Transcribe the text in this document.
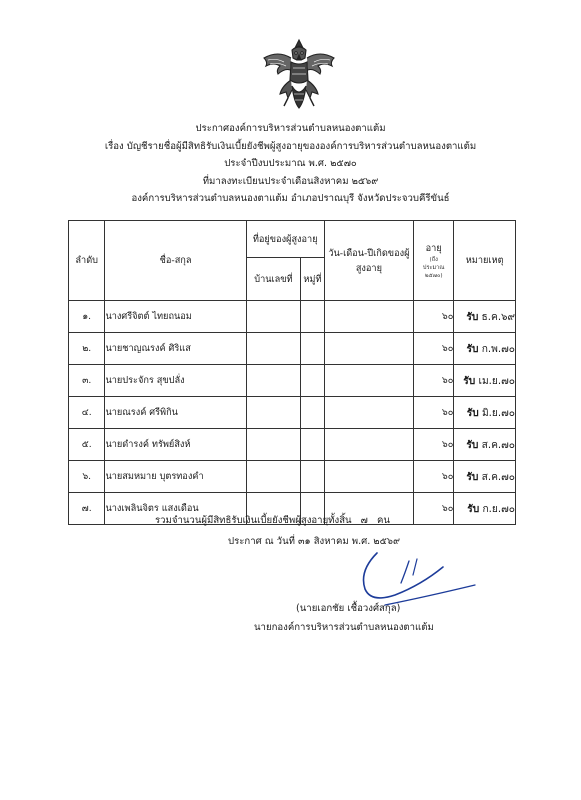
ประกาศองค์การบริหารส่วนตำบลหนองตาแต้ม
เรื่อง บัญชีรายชื่อผู้มีสิทธิรับเงินเบี้ยยังชีพผู้สูงอายุขององค์การบริหารส่วนตำบลหนองตาแต้ม
ประจำปีงบประมาณ พ.ศ. ๒๕๗๐
ที่มาลงทะเบียนประจำเดือนสิงหาคม ๒๕๖๙
องค์การบริหารส่วนตำบลหนองตาแต้ม อำเภอปราณบุรี จังหวัดประจวบคีรีขันธ์
ลำดับ	ชื่อ-สกุล	ที่อยู่ของผู้สูงอายุ		วัน-เดือน-ปีเกิดของผู้สูงอายุ	อายุ
(ถึง
ประมาณ
๒๕๗๐)	หมายเหตุ
		บ้านเลขที่	หมู่ที่			
๑.	นางศรีจิตต์ ไทยถนอม				๖๐	รับ ธ.ค.๖๙
๒.	นายชาญณรงค์ ศิริแส				๖๐	รับ ก.พ.๗๐
๓.	นายประจักร สุขปลั่ง				๖๐	รับ เม.ย.๗๐
๔.	นายณรงค์ ศรีพิกิน				๖๐	รับ มิ.ย.๗๐
๕.	นายดำรงค์ ทรัพย์สิงห์				๖๐	รับ ส.ค.๗๐
๖.	นายสมหมาย บุตรทองคำ				๖๐	รับ ส.ค.๗๐
๗.	นางเพลินจิตร แสงเดือน				๖๐	รับ ก.ย.๗๐
รวมจำนวนผู้มีสิทธิรับเงินเบี้ยยังชีพผู้สูงอายุทั้งสิ้น ๗ คน
ประกาศ ณ วันที่ ๓๑ สิงหาคม พ.ศ. ๒๕๖๙
(นายเอกชัย เชื้อวงศ์สกุล)
นายกองค์การบริหารส่วนตำบลหนองตาแต้ม
